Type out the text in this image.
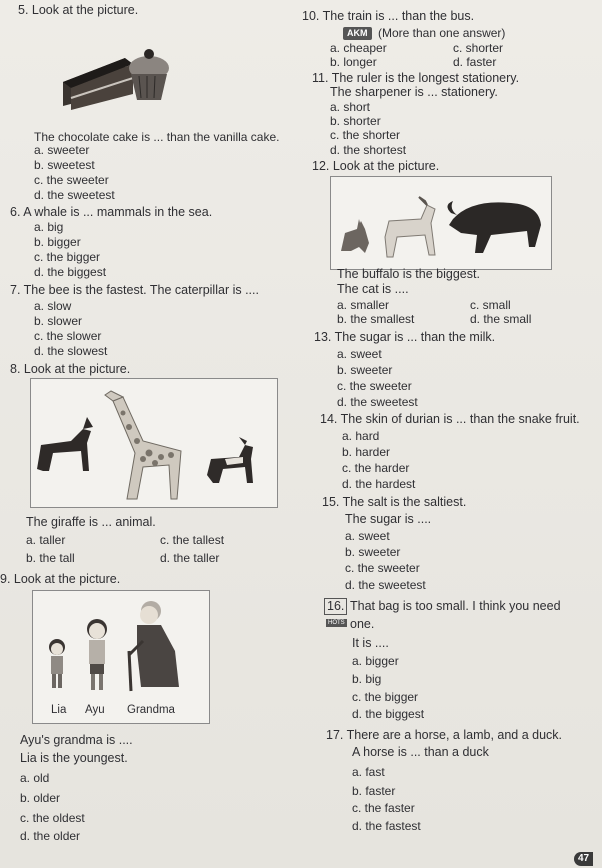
5. Look at the picture.
The chocolate cake is ... than the vanilla cake.
a. sweeter
b. sweetest
c. the sweeter
d. the sweetest
6. A whale is ... mammals in the sea.
a. big
b. bigger
c. the bigger
d. the biggest
7. The bee is the fastest. The caterpillar is ....
a. slow
b. slower
c. the slower
d. the slowest
8. Look at the picture.
The giraffe is ... animal.
a. taller
b. the tall
c. the tallest
d. the taller
9. Look at the picture.
Lia Ayu Grandma
Ayu's grandma is ....
Lia is the youngest.
a. old
b. older
c. the oldest
d. the older
10. The train is ... than the bus.
AKM (More than one answer)
a. cheaper
b. longer
c. shorter
d. faster
11. The ruler is the longest stationery.
The sharpener is ... stationery.
a. short
b. shorter
c. the shorter
d. the shortest
12. Look at the picture.
The buffalo is the biggest.
The cat is ....
a. smaller
b. the smallest
c. small
d. the small
13. The sugar is ... than the milk.
a. sweet
b. sweeter
c. the sweeter
d. the sweetest
14. The skin of durian is ... than the snake fruit.
a. hard
b. harder
c. the harder
d. the hardest
15. The salt is the saltiest.
The sugar is ....
a. sweet
b. sweeter
c. the sweeter
d. the sweetest
16. That bag is too small. I think you need
HOTS one.
It is ....
a. bigger
b. big
c. the bigger
d. the biggest
17. There are a horse, a lamb, and a duck.
A horse is ... than a duck
a. fast
b. faster
c. the faster
d. the fastest
47
